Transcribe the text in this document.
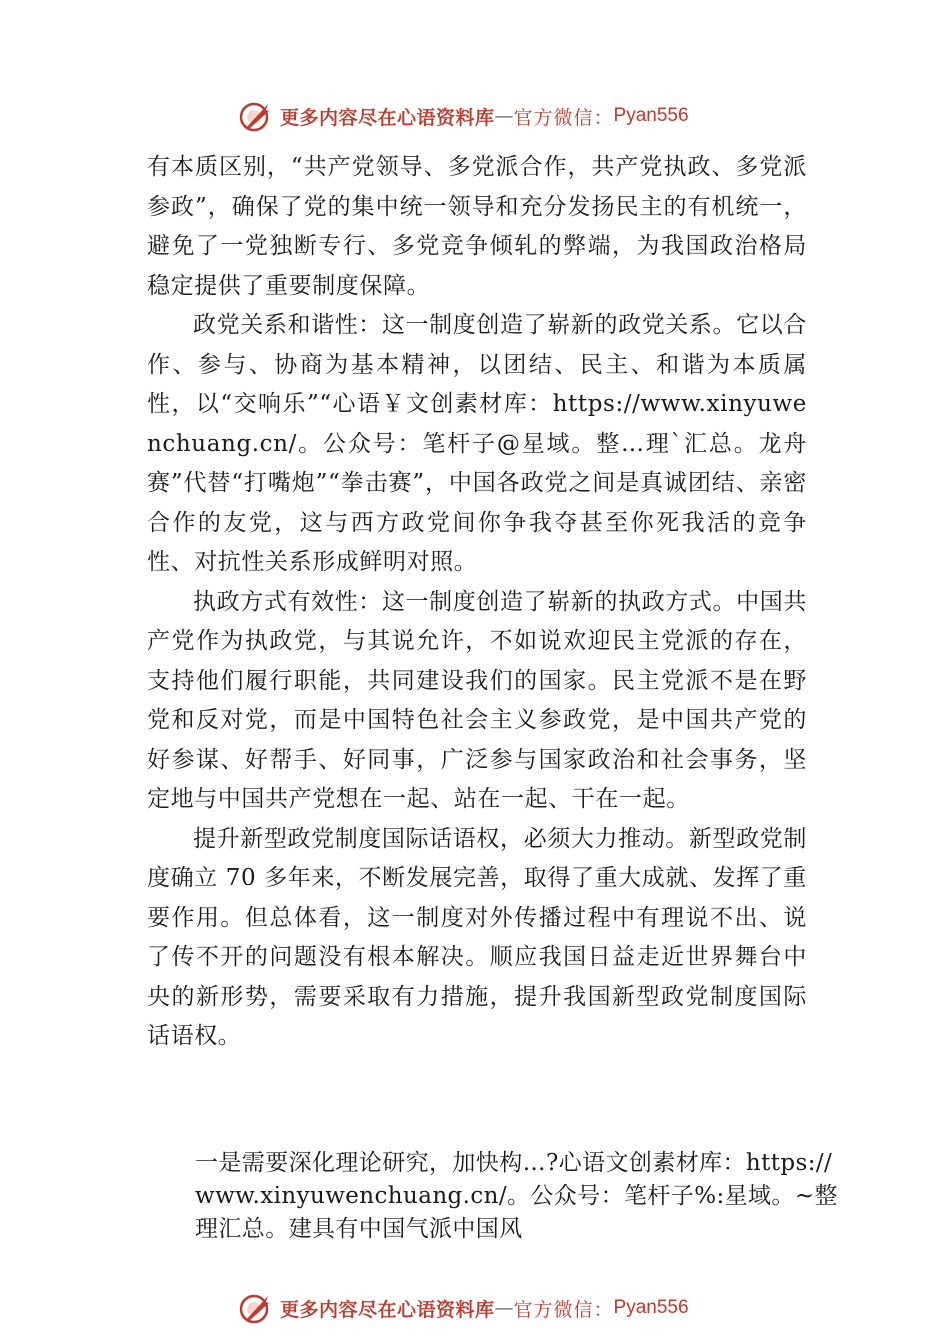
更多内容尽在心语资料库 — 官方微信： Pyan556

有本质区别，“共产党领导、多党派合作，共产党执政、多党派参政”，确保了党的集中统一领导和充分发扬民主的有机统一，避免了一党独断专行、多党竞争倾轧的弊端，为我国政治格局稳定提供了重要制度保障。

政党关系和谐性：这一制度创造了崭新的政党关系。它以合作、参与、协商为基本精神，以团结、民主、和谐为本质属性，以“交响乐”“心语￥文创素材库：https://www.xinyuwenchuang.cn/。公众号：笔杆子@星域。整…理`汇总。龙舟赛”代替“打嘴炮”“拳击赛”，中国各政党之间是真诚团结、亲密合作的友党，这与西方政党间你争我夺甚至你死我活的竞争性、对抗性关系形成鲜明对照。

执政方式有效性：这一制度创造了崭新的执政方式。中国共产党作为执政党，与其说允许，不如说欢迎民主党派的存在，支持他们履行职能，共同建设我们的国家。民主党派不是在野党和反对党，而是中国特色社会主义参政党，是中国共产党的好参谋、好帮手、好同事，广泛参与国家政治和社会事务，坚定地与中国共产党想在一起、站在一起、干在一起。

提升新型政党制度国际话语权，必须大力推动。新型政党制度确立 70 多年来，不断发展完善，取得了重大成就、发挥了重要作用。但总体看，这一制度对外传播过程中有理说不出、说了传不开的问题没有根本解决。顺应我国日益走近世界舞台中央的新形势，需要采取有力措施，提升我国新型政党制度国际话语权。

一是需要深化理论研究，加快构…?心语文创素材库：https://www.xinyuwenchuang.cn/。公众号：笔杆子%:星域。~整理汇总。建具有中国气派中国风

更多内容尽在心语资料库 — 官方微信： Pyan556
